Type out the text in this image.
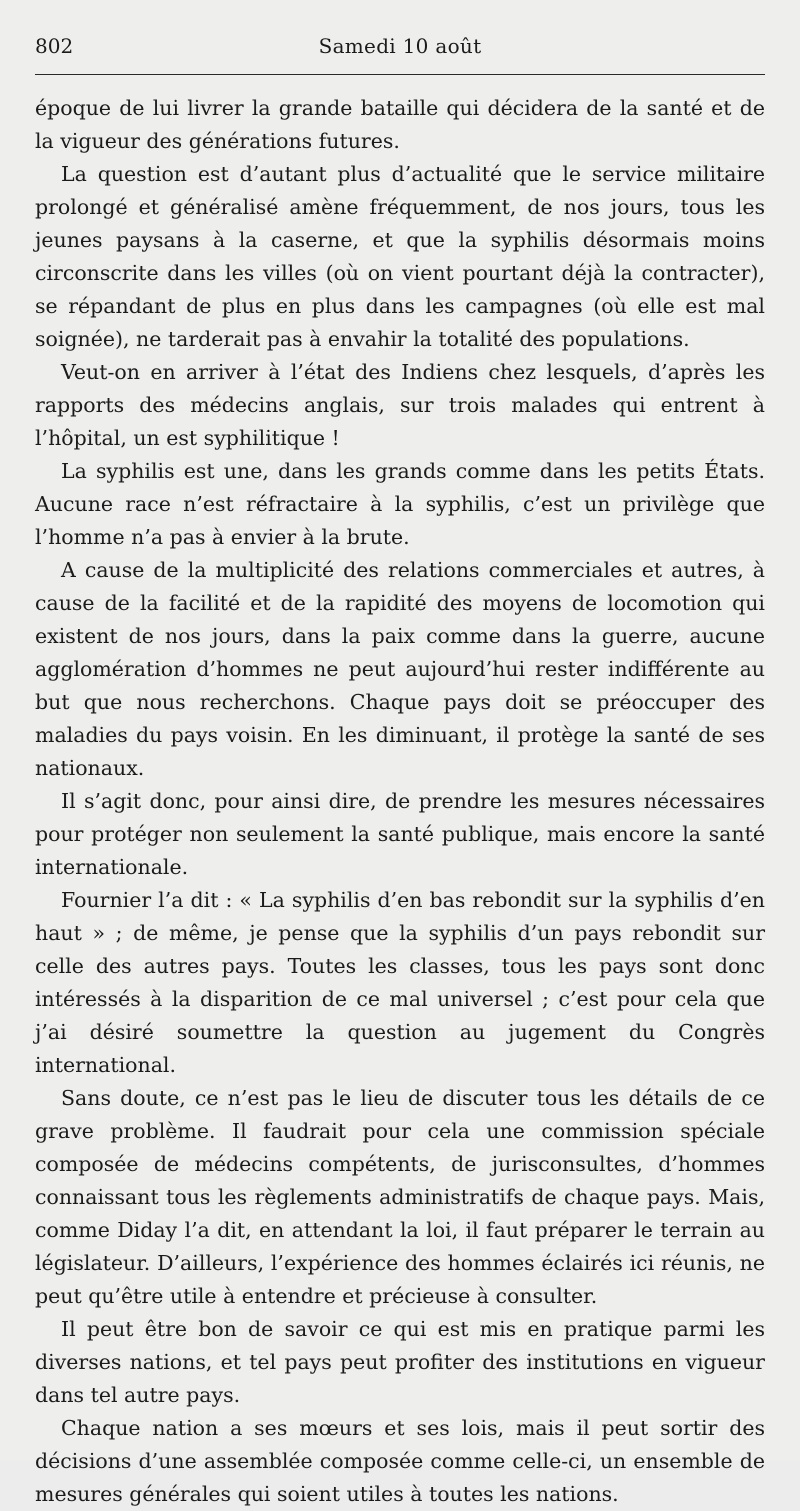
802	Samedi 10 août

époque de lui livrer la grande bataille qui décidera de la santé et de la vigueur des générations futures.

La question est d’autant plus d’actualité que le service militaire prolongé et généralisé amène fréquemment, de nos jours, tous les jeunes paysans à la caserne, et que la syphilis désormais moins circonscrite dans les villes (où on vient pourtant déjà la contracter), se répandant de plus en plus dans les campagnes (où elle est mal soignée), ne tarderait pas à envahir la totalité des populations.

Veut-on en arriver à l’état des Indiens chez lesquels, d’après les rapports des médecins anglais, sur trois malades qui entrent à l’hôpital, un est syphilitique !

La syphilis est une, dans les grands comme dans les petits États. Aucune race n’est réfractaire à la syphilis, c’est un privilège que l’homme n’a pas à envier à la brute.

A cause de la multiplicité des relations commerciales et autres, à cause de la facilité et de la rapidité des moyens de locomotion qui existent de nos jours, dans la paix comme dans la guerre, aucune agglomération d’hommes ne peut aujourd’hui rester indifférente au but que nous recherchons. Chaque pays doit se préoccuper des maladies du pays voisin. En les diminuant, il protège la santé de ses nationaux.

Il s’agit donc, pour ainsi dire, de prendre les mesures nécessaires pour protéger non seulement la santé publique, mais encore la santé internationale.

Fournier l’a dit : « La syphilis d’en bas rebondit sur la syphilis d’en haut » ; de même, je pense que la syphilis d’un pays rebondit sur celle des autres pays. Toutes les classes, tous les pays sont donc intéressés à la disparition de ce mal universel ; c’est pour cela que j’ai désiré soumettre la question au jugement du Congrès international.

Sans doute, ce n’est pas le lieu de discuter tous les détails de ce grave problème. Il faudrait pour cela une commission spéciale composée de médecins compétents, de jurisconsultes, d’hommes connaissant tous les règlements administratifs de chaque pays. Mais, comme Diday l’a dit, en attendant la loi, il faut préparer le terrain au législateur. D’ailleurs, l’expérience des hommes éclairés ici réunis, ne peut qu’être utile à entendre et précieuse à consulter.

Il peut être bon de savoir ce qui est mis en pratique parmi les diverses nations, et tel pays peut profiter des institutions en vigueur dans tel autre pays.

Chaque nation a ses mœurs et ses lois, mais il peut sortir des décisions d’une assemblée composée comme celle-ci, un ensemble de mesures générales qui soient utiles à toutes les nations.
